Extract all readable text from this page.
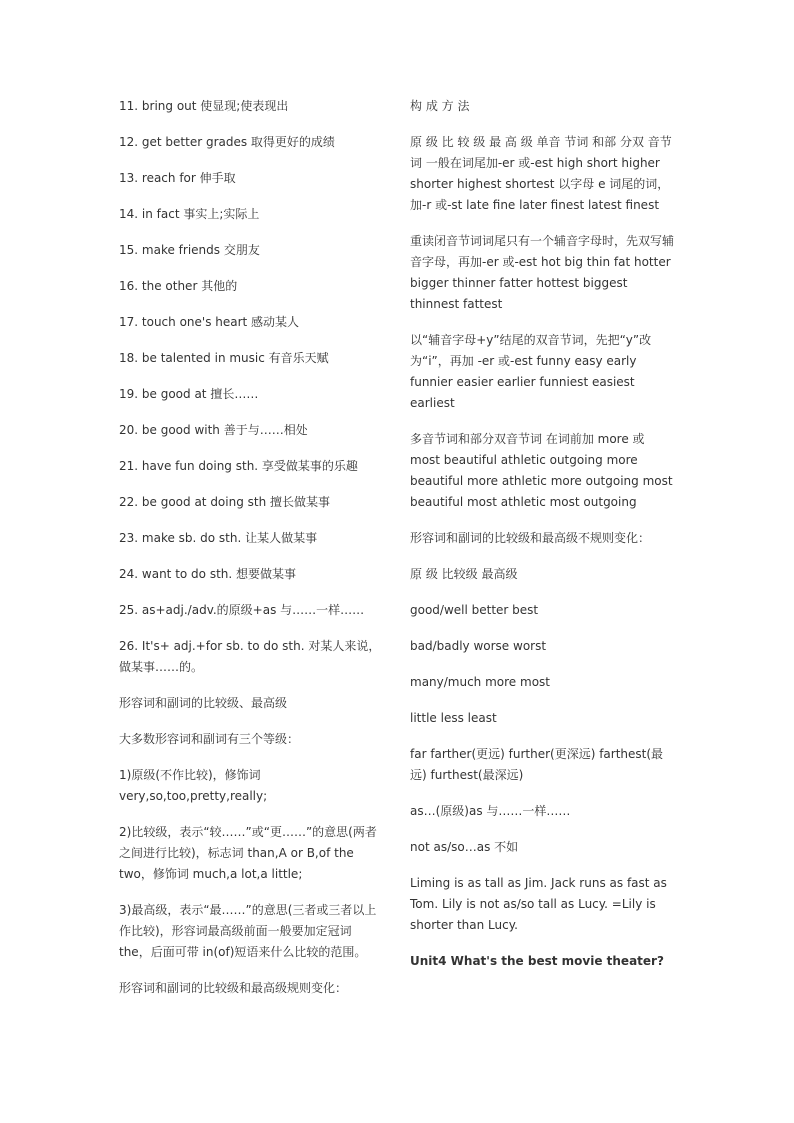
11. bring out 使显现;使表现出

12. get better grades 取得更好的成绩

13. reach for 伸手取

14. in fact 事实上;实际上

15. make friends 交朋友

16. the other 其他的

17. touch one's heart 感动某人

18. be talented in music 有音乐天赋

19. be good at 擅长……

20. be good with 善于与……相处

21. have fun doing sth. 享受做某事的乐趣

22. be good at doing sth 擅长做某事

23. make sb. do sth. 让某人做某事

24. want to do sth. 想要做某事

25. as+adj./adv.的原级+as 与……一样……

26. It's+ adj.+for sb. to do sth. 对某人来说，做某事……的。

形容词和副词的比较级、最高级

大多数形容词和副词有三个等级：

1)原级(不作比较)，修饰词very,so,too,pretty,really;

2)比较级，表示“较……”或“更……”的意思(两者之间进行比较)，标志词 than,A or B,of the two，修饰词 much,a lot,a little;

3)最高级，表示“最……”的意思(三者或三者以上作比较)，形容词最高级前面一般要加定冠词 the，后面可带 in(of)短语来什么比较的范围。

形容词和副词的比较级和最高级规则变化：

构 成 方 法

原 级 比 较 级 最 高 级 单音 节词 和部 分双 音节 词 一般在词尾加-er 或-est high short higher shorter highest shortest 以字母 e 词尾的词，加-r 或-st late fine later finest latest finest

重读闭音节词词尾只有一个辅音字母时，先双写辅音字母，再加-er 或-est hot big thin fat hotter bigger thinner fatter hottest biggest thinnest fattest

以“辅音字母+y”结尾的双音节词，先把“y”改为“i”，再加 -er 或-est funny easy early funnier easier earlier funniest easiest earliest

多音节词和部分双音节词 在词前加 more 或 most beautiful athletic outgoing more beautiful more athletic more outgoing most beautiful most athletic most outgoing

形容词和副词的比较级和最高级不规则变化：

原 级 比较级 最高级

good/well better best

bad/badly worse worst

many/much more most

little less least

far farther(更远) further(更深远) farthest(最远) furthest(最深远)

as…(原级)as 与……一样……

not as/so…as 不如

Liming is as tall as Jim. Jack runs as fast as Tom. Lily is not as/so tall as Lucy. =Lily is shorter than Lucy.

Unit4 What's the best movie theater?
